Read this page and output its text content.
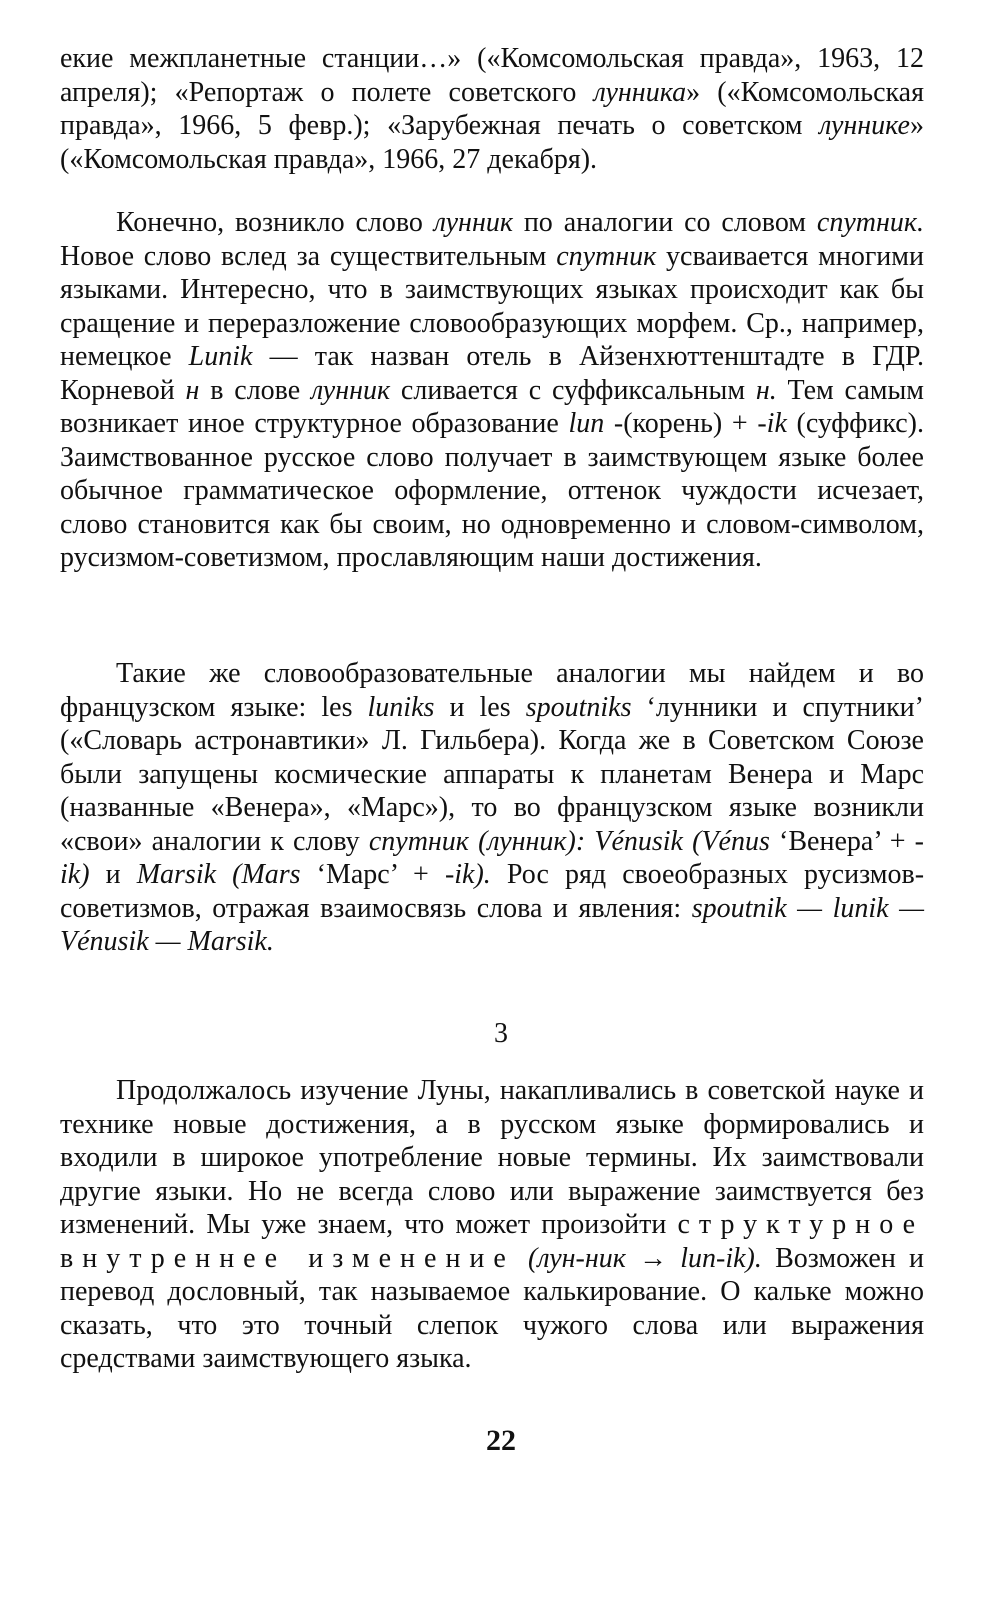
екие межпланетные станции…» («Комсомольская правда», 1963, 12 апреля); «Репортаж о полете советского лунника» («Комсомольская правда», 1966, 5 февр.); «Зарубежная печать о советском луннике» («Комсомольская правда», 1966, 27 декабря).

Конечно, возникло слово лунник по аналогии со словом спутник. Новое слово вслед за существительным спутник усваивается многими языками. Интересно, что в заимствующих языках происходит как бы сращение и переразложение словообразующих морфем. Ср., например, немецкое Lunik — так назван отель в Айзенхюттенштадте в ГДР. Корневой н в слове лунник сливается с суффиксальным н. Тем самым возникает иное структурное образование lun -(корень) + -ik (суффикс). Заимствованное русское слово получает в заимствующем языке более обычное грамматическое оформление, оттенок чуждости исчезает, слово становится как бы своим, но одновременно и словом-символом, русизмом-советизмом, прославляющим наши достижения.

Такие же словообразовательные аналогии мы найдем и во французском языке: les luniks и les spoutniks ‘лунники и спутники’ («Словарь астронавтики» Л. Гильбера). Когда же в Советском Союзе были запущены космические аппараты к планетам Венера и Марс (названные «Венера», «Марс»), то во французском языке возникли «свои» аналогии к слову спутник (лунник): Vénusik (Vénus ‘Венера’ + -ik) и Marsik (Mars ‘Марс’ + -ik). Рос ряд своеобразных русизмов-советизмов, отражая взаимосвязь слова и явления: spoutnik — lunik — Vénusik — Marsik.

3

Продолжалось изучение Луны, накапливались в советской науке и технике новые достижения, а в русском языке формировались и входили в широкое употребление новые термины. Их заимствовали другие языки. Но не всегда слово или выражение заимствуется без изменений. Мы уже знаем, что может произойти структурное внутреннее изменение (лун-ник → lun-ik). Возможен и перевод дословный, так называемое калькирование. О кальке можно сказать, что это точный слепок чужого слова или выражения средствами заимствующего языка.

22
